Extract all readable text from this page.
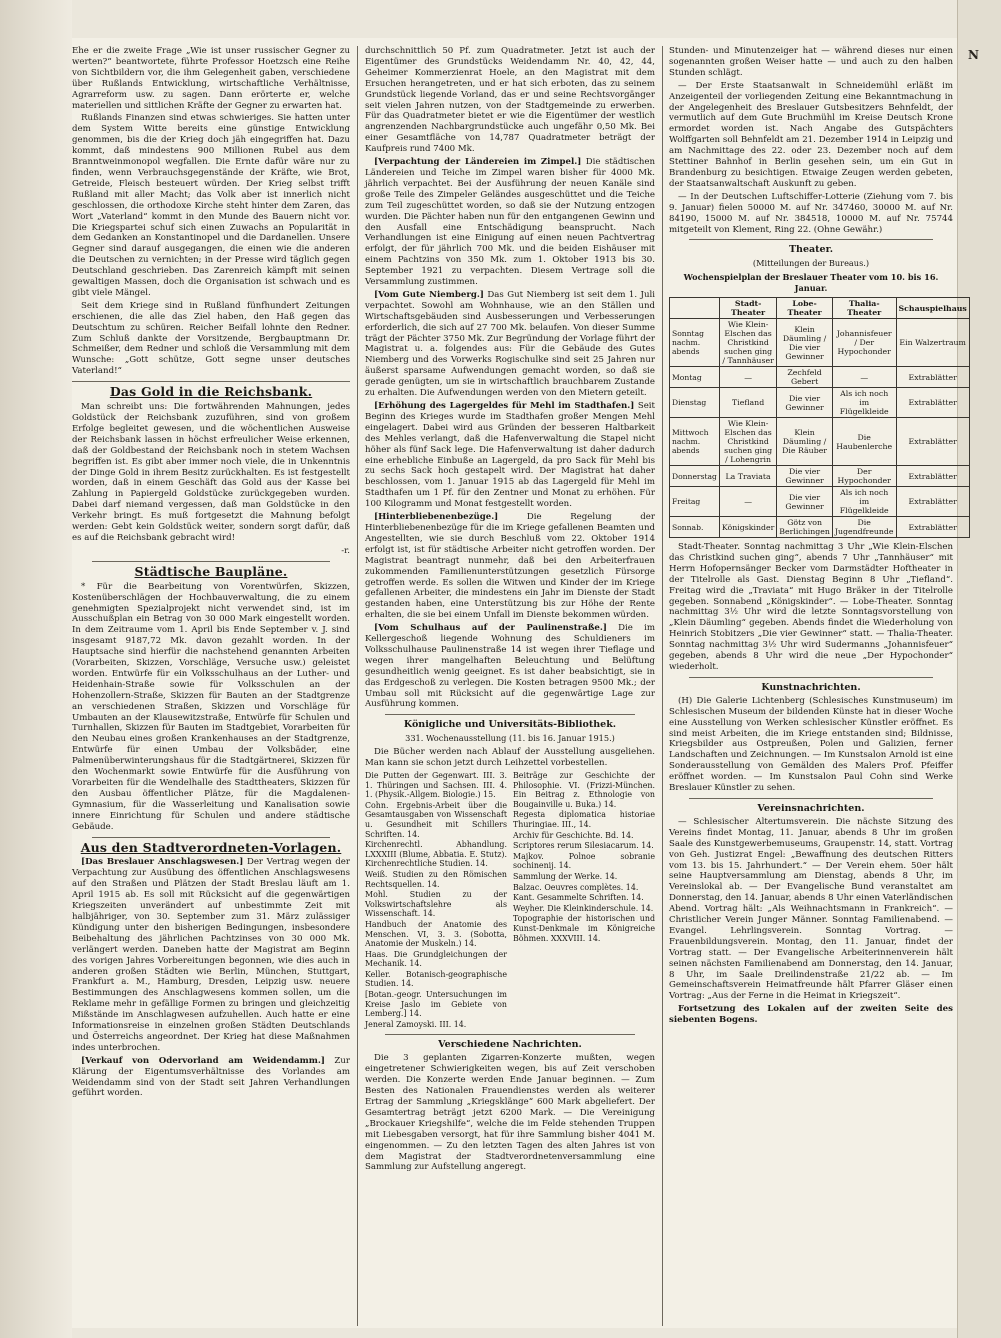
N

Ehe er die zweite Frage „Wie ist unser russischer Gegner zu werten?“ beantwortete, führte Professor Hoetzsch eine Reihe von Sichtbildern vor, die ihm Gelegenheit gaben, verschiedene über Rußlands Entwicklung, wirtschaftliche Verhältnisse, Agrarreform usw. zu sagen. Dann erörterte er, welche materiellen und sittlichen Kräfte der Gegner zu erwarten hat.

Rußlands Finanzen sind etwas schwieriges. Sie hatten unter dem System Witte bereits eine günstige Entwicklung genommen, bis die der Krieg doch jäh eingegriffen hat. Dazu kommt, daß mindestens 900 Millionen Rubel aus dem Branntweinmonopol wegfallen. Die Ernte dafür wäre nur zu finden, wenn Verbrauchsgegenstände der Kräfte, wie Brot, Getreide, Fleisch besteuert würden. Der Krieg selbst trifft Rußland mit aller Macht; das Volk aber ist innerlich nicht geschlossen, die orthodoxe Kirche steht hinter dem Zaren, das Wort „Vaterland“ kommt in den Munde des Bauern nicht vor. Die Kriegspartei schuf sich einen Zuwachs an Popularität in dem Gedanken an Konstantinopel und die Dardanellen. Unsere Gegner sind darauf ausgegangen, die einen wie die anderen die Deutschen zu vernichten; in der Presse wird täglich gegen Deutschland geschrieben. Das Zarenreich kämpft mit seinen gewaltigen Massen, doch die Organisation ist schwach und es gibt viele Mängel.

Seit dem Kriege sind in Rußland fünfhundert Zeitungen erschienen, die alle das Ziel haben, den Haß gegen das Deutschtum zu schüren. Reicher Beifall lohnte den Redner. Zum Schluß dankte der Vorsitzende, Bergbauptmann Dr. Schmeißer, dem Redner und schloß die Versammlung mit dem Wunsche: „Gott schütze, Gott segne unser deutsches Vaterland!“

Das Gold in die Reichsbank.

Man schreibt uns: Die fortwährenden Mahnungen, jedes Goldstück der Reichsbank zuzuführen, sind von großem Erfolge begleitet gewesen, und die wöchentlichen Ausweise der Reichsbank lassen in höchst erfreulicher Weise erkennen, daß der Goldbestand der Reichsbank noch in stetem Wachsen begriffen ist. Es gibt aber immer noch viele, die in Unkenntnis der Dinge Gold in ihrem Besitz zurückhalten. Es ist festgestellt worden, daß in einem Geschäft das Gold aus der Kasse bei Zahlung in Papiergeld Goldstücke zurückgegeben wurden. Dabei darf niemand vergessen, daß man Goldstücke in den Verkehr bringt. Es muß fortgesetzt die Mahnung befolgt werden: Gebt kein Goldstück weiter, sondern sorgt dafür, daß es auf die Reichsbank gebracht wird!

-r.

Städtische Baupläne.

* Für die Bearbeitung von Vorentwürfen, Skizzen, Kostenüberschlägen der Hochbauverwaltung, die zu einem genehmigten Spezialprojekt nicht verwendet sind, ist im Ausschußplan ein Betrag von 30 000 Mark eingestellt worden. In dem Zeitraume vom 1. April bis Ende September v. J. sind insgesamt 9187,72 Mk. davon gezahlt worden. In der Hauptsache sind hierfür die nachstehend genannten Arbeiten (Vorarbeiten, Skizzen, Vorschläge, Versuche usw.) geleistet worden. Entwürfe für ein Volksschulhaus an der Luther- und Heidenhain-Straße sowie für Volksschulen an der Hohenzollern-Straße, Skizzen für Bauten an der Stadtgrenze an verschiedenen Straßen, Skizzen und Vorschläge für Umbauten an der Klausewitzstraße, Entwürfe für Schulen und Turnhallen, Skizzen für Bauten im Stadtgebiet, Vorarbeiten für den Neubau eines großen Krankenhauses an der Stadtgrenze, Entwürfe für einen Umbau der Volksbäder, eine Palmenüberwinterungshaus für die Stadtgärtnerei, Skizzen für den Wochenmarkt sowie Entwürfe für die Ausführung von Vorarbeiten für die Wendelhalle des Stadttheaters, Skizzen für den Ausbau öffentlicher Plätze, für die Magdalenen-Gymnasium, für die Wasserleitung und Kanalisation sowie innere Einrichtung für Schulen und andere städtische Gebäude.

Aus den Stadtverordneten-Vorlagen.

[Das Breslauer Anschlagswesen.] Der Vertrag wegen der Verpachtung zur Ausübung des öffentlichen Anschlagswesens auf den Straßen und Plätzen der Stadt Breslau läuft am 1. April 1915 ab. Es soll mit Rücksicht auf die gegenwärtigen Kriegszeiten unverändert auf unbestimmte Zeit mit halbjähriger, von 30. September zum 31. März zulässiger Kündigung unter den bisherigen Bedingungen, insbesondere Beibehaltung des jährlichen Pachtzinses von 30 000 Mk. verlängert werden. Daneben hatte der Magistrat am Beginn des vorigen Jahres Vorbereitungen begonnen, wie dies auch in anderen großen Städten wie Berlin, München, Stuttgart, Frankfurt a. M., Hamburg, Dresden, Leipzig usw. neuere Bestimmungen des Anschlagwesens kommen sollen, um die Reklame mehr in gefällige Formen zu bringen und gleichzeitig Mißstände im Anschlagwesen aufzuhellen. Auch hatte er eine Informationsreise in einzelnen großen Städten Deutschlands und Österreichs angeordnet. Der Krieg hat diese Maßnahmen indes unterbrochen.

[Verkauf von Odervorland am Weidendamm.] Zur Klärung der Eigentumsverhältnisse des Vorlandes am Weidendamm sind von der Stadt seit Jahren Verhandlungen geführt worden.

durchschnittlich 50 Pf. zum Quadratmeter. Jetzt ist auch der Eigentümer des Grundstücks Weidendamm Nr. 40, 42, 44, Geheimer Kommerzienrat Hoele, an den Magistrat mit dem Ersuchen herangetreten, und er hat sich erboten, das zu seinem Grundstück liegende Vorland, das er und seine Rechtsvorgänger seit vielen Jahren nutzen, von der Stadtgemeinde zu erwerben. Für das Quadratmeter bietet er wie die Eigentümer der westlich angrenzenden Nachbargrundstücke auch ungefähr 0,50 Mk. Bei einer Gesamtfläche von 14,787 Quadratmeter beträgt der Kaufpreis rund 7400 Mk.

[Verpachtung der Ländereien im Zimpel.] Die städtischen Ländereien und Teiche im Zimpel waren bisher für 4000 Mk. jährlich verpachtet. Bei der Ausführung der neuen Kanäle sind große Teile des Zimpeler Geländes ausgeschüttet und die Teiche zum Teil zugeschüttet worden, so daß sie der Nutzung entzogen wurden. Die Pächter haben nun für den entgangenen Gewinn und den Ausfall eine Entschädigung beansprucht. Nach Verhandlungen ist eine Einigung auf einen neuen Pachtvertrag erfolgt, der für jährlich 700 Mk. und die beiden Eishäuser mit einem Pachtzins von 350 Mk. zum 1. Oktober 1913 bis 30. September 1921 zu verpachten. Diesem Vertrage soll die Versammlung zustimmen.

[Vom Gute Niemberg.] Das Gut Niemberg ist seit dem 1. Juli verpachtet. Sowohl am Wohnhause, wie an den Ställen und Wirtschaftsgebäuden sind Ausbesserungen und Verbesserungen erforderlich, die sich auf 27 700 Mk. belaufen. Von dieser Summe trägt der Pächter 3750 Mk. Zur Begründung der Vorlage führt der Magistrat u. a. folgendes aus: Für die Gebäude des Gutes Niemberg und des Vorwerks Rogischulke sind seit 25 Jahren nur äußerst sparsame Aufwendungen gemacht worden, so daß sie gerade genügten, um sie in wirtschaftlich brauchbarem Zustande zu erhalten. Die Aufwendungen werden von den Mietern geteilt.

[Erhöhung des Lagergeldes für Mehl im Stadthafen.] Seit Beginn des Krieges wurde im Stadthafen großer Mengen Mehl eingelagert. Dabei wird aus Gründen der besseren Haltbarkeit des Mehles verlangt, daß die Hafenverwaltung die Stapel nicht höher als fünf Sack lege. Die Hafenverwaltung ist daher dadurch eine erhebliche Einbuße an Lagergeld, da pro Sack für Mehl bis zu sechs Sack hoch gestapelt wird. Der Magistrat hat daher beschlossen, vom 1. Januar 1915 ab das Lagergeld für Mehl im Stadthafen um 1 Pf. für den Zentner und Monat zu erhöhen. Für 100 Kilogramm und Monat festgestellt worden.

[Hinterbliebenenbezüge.]	Die Regelung der Hinterbliebenenbezüge für die im Kriege gefallenen Beamten und Angestellten, wie sie durch Beschluß vom 22. Oktober 1914 erfolgt ist, ist für städtische Arbeiter nicht getroffen worden. Der Magistrat beantragt nunmehr, daß bei den Arbeiterfrauen zukommenden Familienunterstützungen gesetzlich Fürsorge getroffen werde. Es sollen die Witwen und Kinder der im Kriege gefallenen Arbeiter, die mindestens ein Jahr im Dienste der Stadt gestanden haben, eine Unterstützung bis zur Höhe der Rente erhalten, die sie bei einem Unfall im Dienste bekommen würden.

[Vom Schulhaus auf der Paulinenstraße.] Die im Kellergeschoß liegende Wohnung des Schuldieners im Volksschulhause Paulinenstraße 14 ist wegen ihrer Tieflage und wegen ihrer mangelhaften Beleuchtung und Belüftung gesundheitlich wenig geeignet. Es ist daher beabsichtigt, sie in das Erdgeschoß zu verlegen. Die Kosten betragen 9500 Mk.; der Umbau soll mit Rücksicht auf die gegenwärtige Lage zur Ausführung kommen.

Königliche und Universitäts-Bibliothek.
331. Wochenausstellung (11. bis 16. Januar 1915.)

Die Bücher werden nach Ablauf der Ausstellung ausgeliehen. Man kann sie schon jetzt durch Leihzettel vorbestellen.

Die Putten der Gegenwart. III. 3. 1. Thüringen und Sachsen. III. 4. 1. (Physik.-Allgem. Biologie.) 15.

Cohn. Ergebnis-Arbeit über die Gesamtausgaben von Wissenschaft u. Gesundheit mit Schillers Schriften. 14.

Kirchenrechtl. Abhandlung. LXXXIII (Blume, Abbatia. E. Stutz). Kirchenrechtliche Studien. 14.

Weiß. Studien zu den Römischen Rechtsquellen. 14.

Mohl. Studien zu der Volkswirtschaftslehre als Wissenschaft. 14.

Handbuch der Anatomie des Menschen. VI, 3. 3. (Sobotta, Anatomie der Muskeln.) 14.

Haas. Die Grundgleichungen der Mechanik. 14.

Keller. Botanisch-geographische Studien. 14.

[Botan.-geogr. Untersuchungen im Kreise Jaslo im Gebiete von Lemberg.] 14.

Jeneral Zamoyski. III. 14.

Beiträge zur Geschichte der Philosophie. VI. (Frizzi-München. Ein Beitrag z. Ethnologie von Bougainville u. Buka.) 14.

Regesta diplomatica historiae Thuringiae. III., 14.

Archiv für Geschichte. Bd. 14.

Scriptores rerum Silesiacarum. 14.

Majkov. Polnoe sobranie sochinenij. 14.

Sammlung der Werke. 14.

Balzac. Oeuvres complètes. 14.

Kant. Gesammelte Schriften. 14.

Weyher. Die Kleinkinderschule. 14.

Topographie der historischen und Kunst-Denkmale im Königreiche Böhmen. XXXVIII. 14.

Verschiedene Nachrichten.

Die 3 geplanten Zigarren-Konzerte mußten, wegen eingetretener Schwierigkeiten wegen, bis auf Zeit verschoben werden. Die Konzerte werden Ende Januar beginnen. — Zum Besten des Nationalen Frauendienstes werden als weiterer Ertrag der Sammlung „Kriegsklänge“ 600 Mark abgeliefert. Der Gesamtertrag beträgt jetzt 6200 Mark. — Die Vereinigung „Brockauer Kriegshilfe“, welche die im Felde stehenden Truppen mit Liebesgaben versorgt, hat für ihre Sammlung bisher 4041 M. eingenommen. — Zu den letzten Tagen des alten Jahres ist von dem Magistrat der Stadtverordnetenversammlung eine Sammlung zur Aufstellung angeregt.

Stunden- und Minutenzeiger hat — während dieses nur einen sogenannten großen Weiser hatte — und auch zu den halben Stunden schlägt.

— Der Erste Staatsanwalt in Schneidemühl erläßt im Anzeigenteil der vorliegenden Zeitung eine Bekanntmachung in der Angelegenheit des Breslauer Gutsbesitzers Behnfeldt, der vermutlich auf dem Gute Bruchmühl im Kreise Deutsch Krone ermordet worden ist. Nach Angabe des Gutspächters Wolffgarten soll Behnfeldt am 21. Dezember 1914 in Leipzig und am Nachmittage des 22. oder 23. Dezember noch auf dem Stettiner Bahnhof in Berlin gesehen sein, um ein Gut in Brandenburg zu besichtigen. Etwaige Zeugen werden gebeten, der Staatsanwaltschaft Auskunft zu geben.

— In der Deutschen Luftschiffer-Lotterie (Ziehung vom 7. bis 9. Januar) fielen 50000 M. auf Nr. 347460, 30000 M. auf Nr. 84190, 15000 M. auf Nr. 384518, 10000 M. auf Nr. 75744 mitgeteilt von Klement, Ring 22. (Ohne Gewähr.)

Theater.
(Mitteilungen der Bureaus.)
Wochenspielplan der Breslauer Theater vom 10. bis 16. Januar.
	Stadt-Theater	Lobe-Theater	Thalia-Theater	Schauspielhaus
Sonntag nachm. abends	Wie Klein-Elschen das Christkind suchen ging / Tannhäuser	Klein Däumling / Die vier Gewinner	Johannisfeuer / Der Hypochonder	Ein Walzertraum
Montag	—	Zechfeld Gebert	—	Extrablätter
Dienstag	Tiefland	Die vier Gewinner	Als ich noch im Flügelkleide	Extrablätter
Mittwoch nachm. abends	Wie Klein-Elschen das Christkind suchen ging / Lohengrin	Klein Däumling / Die Räuber	Die Haubenlerche	Extrablätter
Donnerstag	La Traviata	Die vier Gewinner	Der Hypochonder	Extrablätter
Freitag	—	Die vier Gewinner	Als ich noch im Flügelkleide	Extrablätter
Sonnab.	Königskinder	Götz von Berlichingen	Die Jugendfreunde	Extrablätter

Stadt-Theater. Sonntag nachmittag 3 Uhr „Wie Klein-Elschen das Christkind suchen ging“, abends 7 Uhr „Tannhäuser“ mit Herrn Hofopernsänger Becker vom Darmstädter Hoftheater in der Titelrolle als Gast. Dienstag Beginn 8 Uhr „Tiefland“. Freitag wird die „Traviata“ mit Hugo Bräker in der Titelrolle gegeben. Sonnabend „Königskinder“. — Lobe-Theater. Sonntag nachmittag 3½ Uhr wird die letzte Sonntagsvorstellung von „Klein Däumling“ gegeben. Abends findet die Wiederholung von Heinrich Stobitzers „Die vier Gewinner“ statt. — Thalia-Theater. Sonntag nachmittag 3½ Uhr wird Sudermanns „Johannisfeuer“ gegeben, abends 8 Uhr wird die neue „Der Hypochonder“ wiederholt.

Kunstnachrichten.

(H) Die Galerie Lichtenberg (Schlesisches Kunstmuseum) im Schlesischen Museum der bildenden Künste hat in dieser Woche eine Ausstellung von Werken schlesischer Künstler eröffnet. Es sind meist Arbeiten, die im Kriege entstanden sind; Bildnisse, Kriegsbilder aus Ostpreußen, Polen und Galizien, ferner Landschaften und Zeichnungen. — Im Kunstsalon Arnold ist eine Sonderausstellung von Gemälden des Malers Prof. Pfeiffer eröffnet worden. — Im Kunstsalon Paul Cohn sind Werke Breslauer Künstler zu sehen.

Vereinsnachrichten.

— Schlesischer Altertumsverein. Die nächste Sitzung des Vereins findet Montag, 11. Januar, abends 8 Uhr im großen Saale des Kunstgewerbemuseums, Graupenstr. 14, statt. Vortrag von Geh. Justizrat Engel: „Bewaffnung des deutschen Ritters vom 13. bis 15. Jahrhundert.“ — Der Verein ehem. 50er hält seine Hauptversammlung am Dienstag, abends 8 Uhr, im Vereinslokal ab. — Der Evangelische Bund veranstaltet am Donnerstag, den 14. Januar, abends 8 Uhr einen Vaterländischen Abend. Vortrag hält: „Als Weihnachtsmann in Frankreich“. — Christlicher Verein Junger Männer. Sonntag Familienabend. — Evangel. Lehrlingsverein. Sonntag Vortrag. — Frauenbildungsverein. Montag, den 11. Januar, findet der Vortrag statt. — Der Evangelische Arbeiterinnenverein hält seinen nächsten Familienabend am Donnerstag, den 14. Januar, 8 Uhr, im Saale Dreilindenstraße 21/22 ab. — Im Gemeinschaftsverein Heimatfreunde hält Pfarrer Gläser einen Vortrag: „Aus der Ferne in die Heimat in Kriegszeit“.

Fortsetzung des Lokalen auf der zweiten Seite des siebenten Bogens.
